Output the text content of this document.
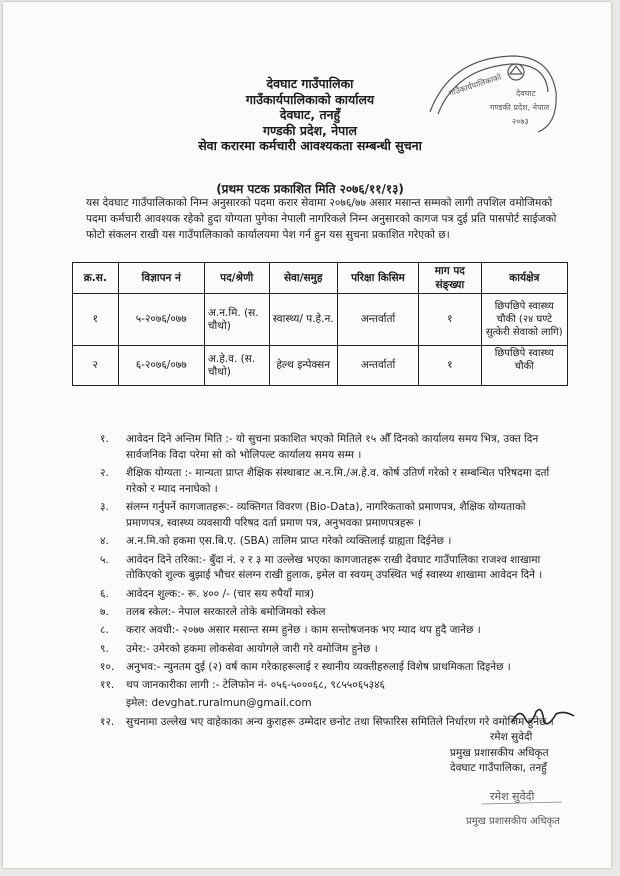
गाउँकार्यपालिकाको देवघाट
गण्डकी प्रदेश, नेपाल
२०७३
देवघाट गाउँपालिका
गाउँकार्यपालिकाको कार्यालय
देवघाट, तनहुँ
गण्डकी प्रदेश, नेपाल
सेवा करारमा कर्मचारी आवश्यकता सम्बन्धी सुचना
(प्रथम पटक प्रकाशित मिति २०७६/११/१३)
यस देवघाट गाउँपालिकाको निम्न अनुसारको पदमा करार सेवामा २०७६/७७ असार मसान्त सम्मको लागी तपशिल वमोजिमको पदमा कर्मचारी आवश्यक रहेको हुदा योग्यता पुगेका नेपाली नागरिकले निम्न अनुसारको कागज पत्र दुई प्रति पासपोर्ट साईजको फोटो संकलन राखी यस गाउँपालिकाको कार्यालयमा पेश गर्न हुन यस सुचना प्रकाशित गरेएको छ।
क्र.स.	विज्ञापन नं	पद/श्रेणी	सेवा/समुह	परिक्षा किसिम	माग पद संङ्ख्या	कार्यक्षेत्र
१	५-२०७६/०७७	अ.न.मि. (स. चौथो)	स्वास्थ्य/ प.हे.न.	अन्तर्वार्ता	१	छिपछिपे स्वास्थ्य चौकी (२४ घण्टे सुत्केरी सेवाको लागि)
२	६-२०७६/०७७	अ.हे.व. (स. चौथो)	हेल्थ इन्पेक्सन	अन्तर्वार्ता	१	छिपछिपे स्वास्थ्य चौकी
१.	आवेदन दिने अन्तिम मिति :- यो सुचना प्रकाशित भएको मितिले १५ औँ दिनको कार्यालय समय भित्र, उक्त दिन सार्वजनिक विदा परेमा सो को भोलिपल्ट कार्यालय समय सम्म ।
२.	शैक्षिक योग्यता :- मान्यता प्राप्त शैक्षिक संस्थाबाट अ.न.मि./अ.हे.व. कोर्ष उतिर्ण गरेको र सम्बन्धित परिषदमा दर्ता गरेको र म्याद ननाघेको ।
३.	संलग्न गर्नुपर्ने कागजातहरू:- व्यक्तिगत विवरण (Bio-Data), नागरिकताको प्रमाणपत्र, शैक्षिक योग्यताको प्रमाणपत्र, स्वास्थ्य व्यवसायी परिषद दर्ता प्रमाण पत्र, अनुभवका प्रमाणपत्रहरू ।
४.	अ.न.मि.को हकमा एस.बि.ए. (SBA) तालिम प्राप्त गरेको व्यक्तिलाई ग्राह्यता दिईनेछ ।
५.	आवेदन दिने तरिका:- बुँदा नं. २ र ३ मा उल्लेख भएका कागजातहरू राखी देवघाट गाउँपालिका राजश्व शाखामा तोकिएको शुल्क बुझाई भौचर संलग्न राखी हुलाक, इमेल वा स्वयम् उपस्थित भई स्वास्थ्य शाखामा आवेदन दिने ।
६.	आवेदन शुल्क:- रू. ४०० /- (चार सय रुपैयाँ मात्र)
७.	तलब स्केल:- नेपाल सरकारले तोके बमोजिमको स्केल
८.	करार अवधी:- २०७७ असार मसान्त सम्म हुनेछ । काम सन्तोषजनक भए म्याद थप हुदै जानेछ ।
९.	उमेर:- उमेरको हकमा लोकसेवा आयोगले जारी गरे वमोजिम हुनेछ ।
१०.	अनुभव:- न्युनतम दुई (२) वर्ष काम गरेकाहरूलाई र स्थानीय व्यक्तीहरुलाई विशेष प्राथमिकता दिइनेछ ।
११.	थप जानकारीका लागी :- टेलिफोन नं- ०५६-५०००६८, ९८५५०६५३४६
इमेल: devghat.ruralmun@gmail.com
१२.	सुचनामा उल्लेख भए वाहेकाका अन्य कुराहरू उम्मेदार छनोट तथा सिफारिस समितिले निर्धारण गरे वमोजिम हुनेछ ।
रमेश सुवेदी
प्रमुख प्रशासकीय अधिकृत
देवघाट गाउँपालिका, तनहुँ
रमेश सुवेदी
प्रमुख प्रशासकीय अधिकृत
